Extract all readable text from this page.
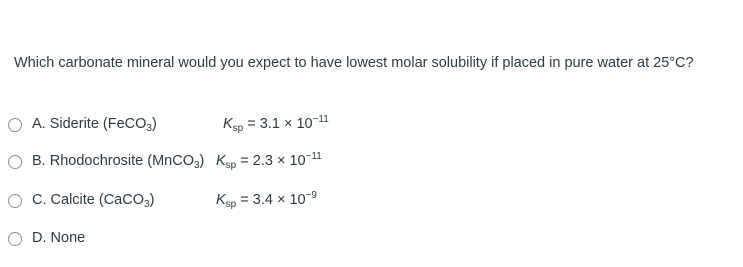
Which carbonate mineral would you expect to have lowest molar solubility if placed in pure water at 25°C?
A. Siderite (FeCO$_3$)	$K_{sp} = 3.1 \times 10^{-11}$
B. Rhodochrosite (MnCO$_3$) $K_{sp} = 2.3 \times 10^{-11}$
C. Calcite (CaCO$_3$)	$K_{sp} = 3.4 \times 10^{-9}$
D. None
